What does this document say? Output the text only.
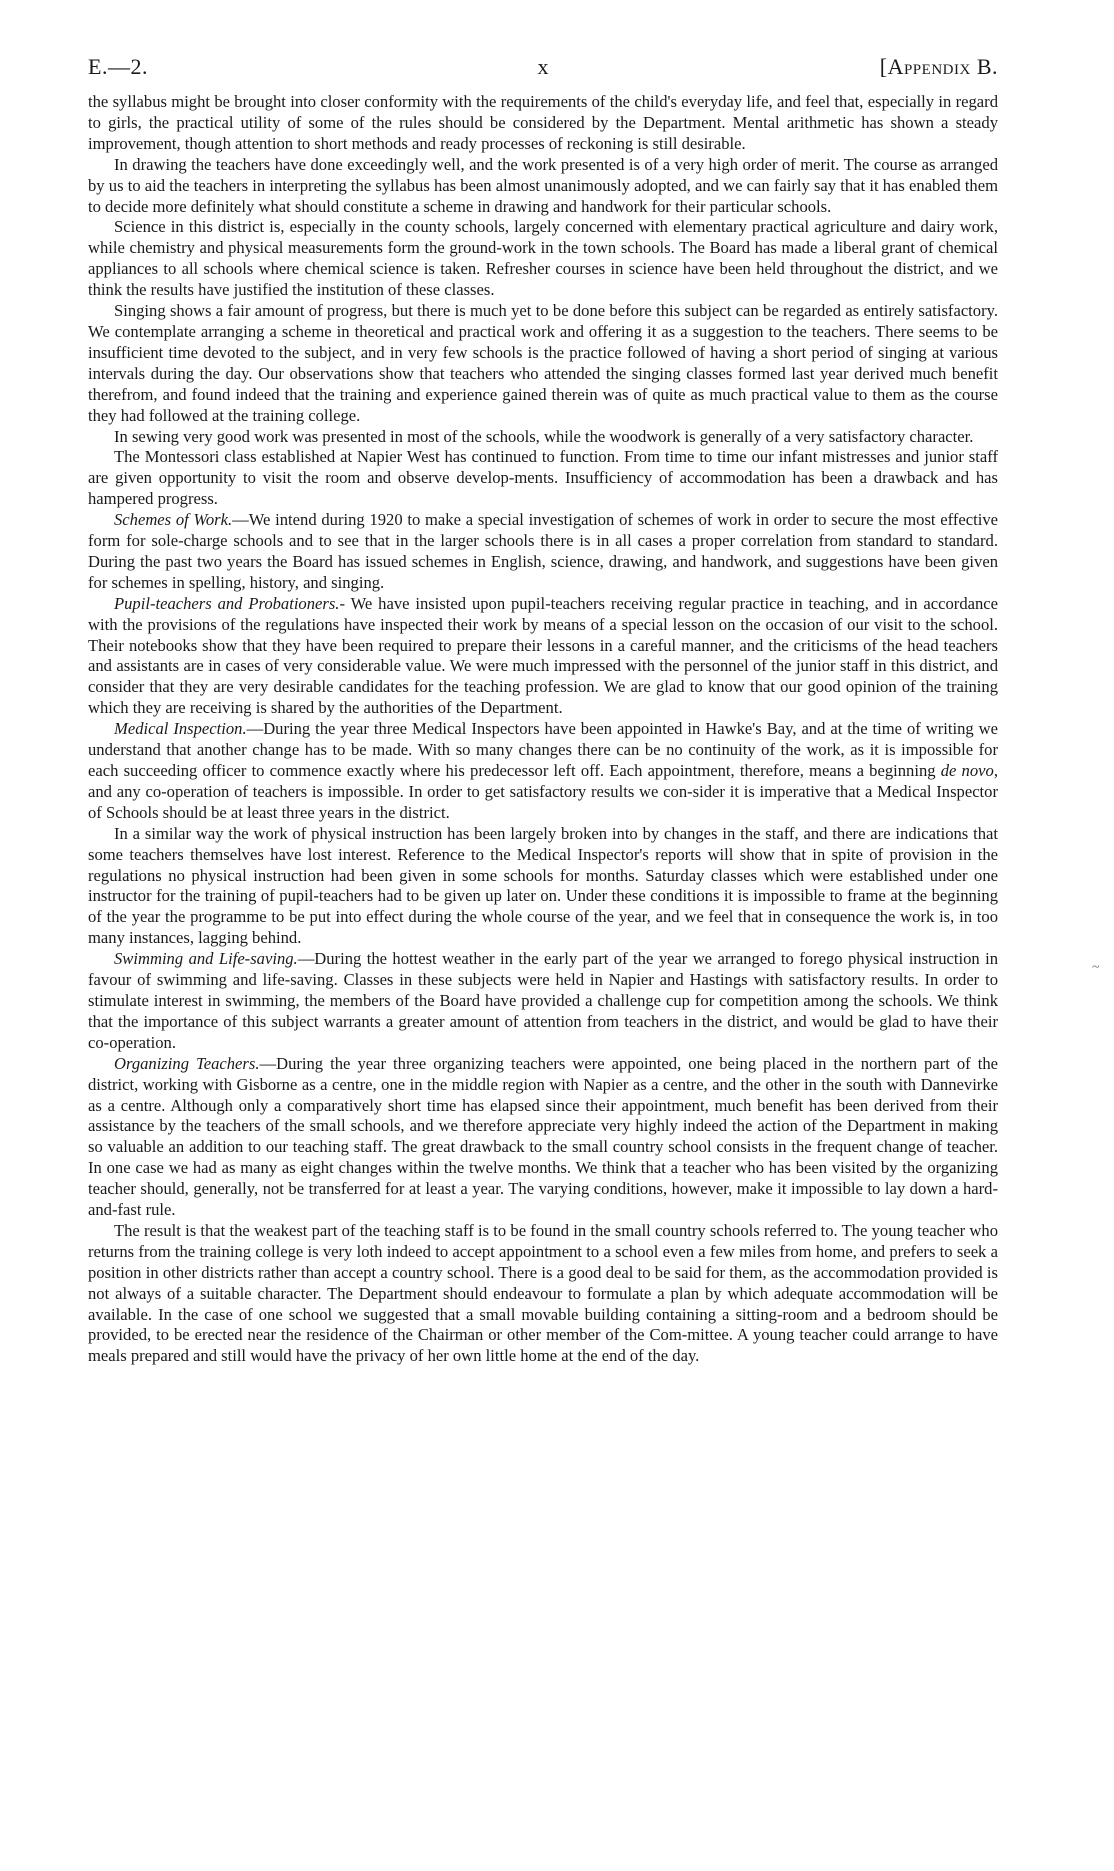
E.—2.	x	[Appendix B.

the syllabus might be brought into closer conformity with the requirements of the child's everyday life, and feel that, especially in regard to girls, the practical utility of some of the rules should be considered by the Department. Mental arithmetic has shown a steady improvement, though attention to short methods and ready processes of reckoning is still desirable.

In drawing the teachers have done exceedingly well, and the work presented is of a very high order of merit. The course as arranged by us to aid the teachers in interpreting the syllabus has been almost unanimously adopted, and we can fairly say that it has enabled them to decide more definitely what should constitute a scheme in drawing and handwork for their particular schools.

Science in this district is, especially in the county schools, largely concerned with elementary practical agriculture and dairy work, while chemistry and physical measurements form the ground-work in the town schools. The Board has made a liberal grant of chemical appliances to all schools where chemical science is taken. Refresher courses in science have been held throughout the district, and we think the results have justified the institution of these classes.

Singing shows a fair amount of progress, but there is much yet to be done before this subject can be regarded as entirely satisfactory. We contemplate arranging a scheme in theoretical and practical work and offering it as a suggestion to the teachers. There seems to be insufficient time devoted to the subject, and in very few schools is the practice followed of having a short period of singing at various intervals during the day. Our observations show that teachers who attended the singing classes formed last year derived much benefit therefrom, and found indeed that the training and experience gained therein was of quite as much practical value to them as the course they had followed at the training college.

In sewing very good work was presented in most of the schools, while the woodwork is generally of a very satisfactory character.

The Montessori class established at Napier West has continued to function. From time to time our infant mistresses and junior staff are given opportunity to visit the room and observe develop-ments. Insufficiency of accommodation has been a drawback and has hampered progress.

Schemes of Work.—We intend during 1920 to make a special investigation of schemes of work in order to secure the most effective form for sole-charge schools and to see that in the larger schools there is in all cases a proper correlation from standard to standard. During the past two years the Board has issued schemes in English, science, drawing, and handwork, and suggestions have been given for schemes in spelling, history, and singing.

Pupil-teachers and Probationers.- We have insisted upon pupil-teachers receiving regular practice in teaching, and in accordance with the provisions of the regulations have inspected their work by means of a special lesson on the occasion of our visit to the school. Their notebooks show that they have been required to prepare their lessons in a careful manner, and the criticisms of the head teachers and assistants are in cases of very considerable value. We were much impressed with the personnel of the junior staff in this district, and consider that they are very desirable candidates for the teaching profession. We are glad to know that our good opinion of the training which they are receiving is shared by the authorities of the Department.

Medical Inspection.—During the year three Medical Inspectors have been appointed in Hawke's Bay, and at the time of writing we understand that another change has to be made. With so many changes there can be no continuity of the work, as it is impossible for each succeeding officer to commence exactly where his predecessor left off. Each appointment, therefore, means a beginning de novo, and any co-operation of teachers is impossible. In order to get satisfactory results we con-sider it is imperative that a Medical Inspector of Schools should be at least three years in the district.

In a similar way the work of physical instruction has been largely broken into by changes in the staff, and there are indications that some teachers themselves have lost interest. Reference to the Medical Inspector's reports will show that in spite of provision in the regulations no physical instruction had been given in some schools for months. Saturday classes which were established under one instructor for the training of pupil-teachers had to be given up later on. Under these conditions it is impossible to frame at the beginning of the year the programme to be put into effect during the whole course of the year, and we feel that in consequence the work is, in too many instances, lagging behind.

Swimming and Life-saving.—During the hottest weather in the early part of the year we arranged to forego physical instruction in favour of swimming and life-saving. Classes in these subjects were held in Napier and Hastings with satisfactory results. In order to stimulate interest in swimming, the members of the Board have provided a challenge cup for competition among the schools. We think that the importance of this subject warrants a greater amount of attention from teachers in the district, and would be glad to have their co-operation.

Organizing Teachers.—During the year three organizing teachers were appointed, one being placed in the northern part of the district, working with Gisborne as a centre, one in the middle region with Napier as a centre, and the other in the south with Dannevirke as a centre. Although only a comparatively short time has elapsed since their appointment, much benefit has been derived from their assistance by the teachers of the small schools, and we therefore appreciate very highly indeed the action of the Department in making so valuable an addition to our teaching staff. The great drawback to the small country school consists in the frequent change of teacher. In one case we had as many as eight changes within the twelve months. We think that a teacher who has been visited by the organizing teacher should, generally, not be transferred for at least a year. The varying conditions, however, make it impossible to lay down a hard-and-fast rule.

The result is that the weakest part of the teaching staff is to be found in the small country schools referred to. The young teacher who returns from the training college is very loth indeed to accept appointment to a school even a few miles from home, and prefers to seek a position in other districts rather than accept a country school. There is a good deal to be said for them, as the accommodation provided is not always of a suitable character. The Department should endeavour to formulate a plan by which adequate accommodation will be available. In the case of one school we suggested that a small movable building containing a sitting-room and a bedroom should be provided, to be erected near the residence of the Chairman or other member of the Com-mittee. A young teacher could arrange to have meals prepared and still would have the privacy of her own little home at the end of the day.

~
